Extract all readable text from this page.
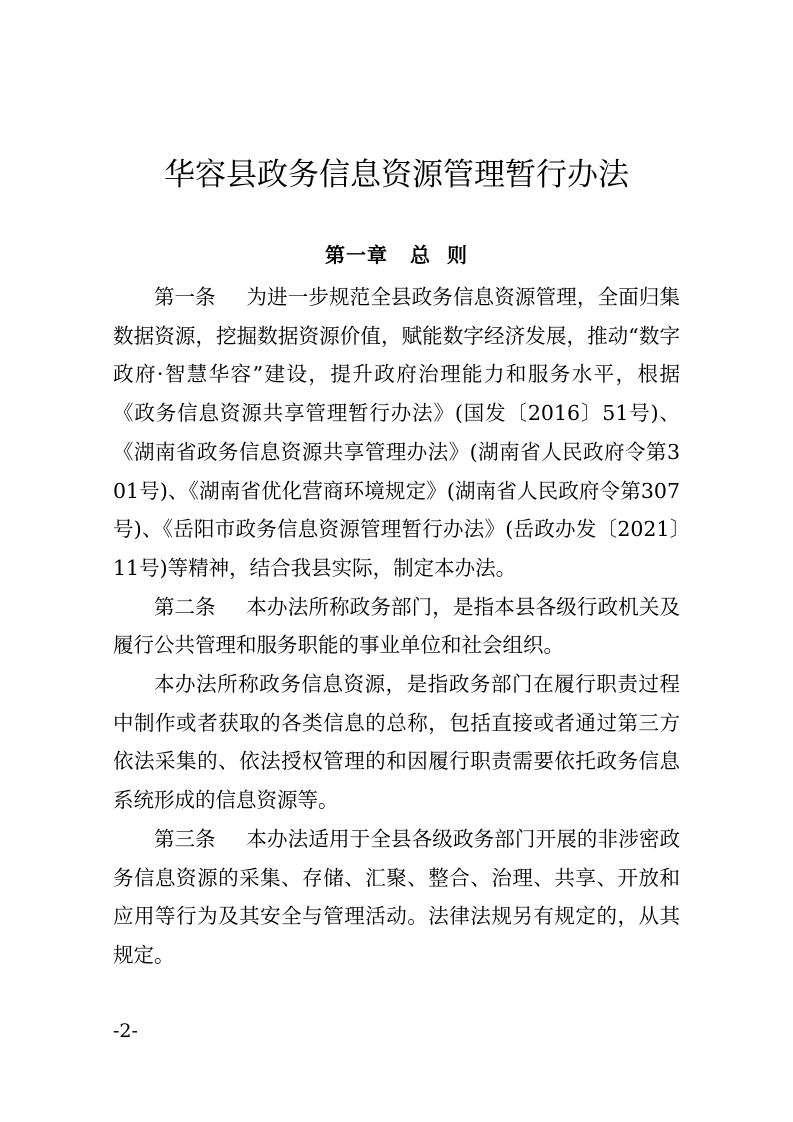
华容县政务信息资源管理暂行办法
第一章 总  则

第一条 为进一步规范全县政务信息资源管理，全面归集数据资源，挖掘数据资源价值，赋能数字经济发展，推动“数字政府·智慧华容”建设，提升政府治理能力和服务水平，根据《政务信息资源共享管理暂行办法》(国发〔2016〕51号)、《湖南省政务信息资源共享管理办法》(湖南省人民政府令第301号)、《湖南省优化营商环境规定》(湖南省人民政府令第307号)、《岳阳市政务信息资源管理暂行办法》(岳政办发〔2021〕11号)等精神，结合我县实际，制定本办法。

第二条 本办法所称政务部门，是指本县各级行政机关及履行公共管理和服务职能的事业单位和社会组织。

本办法所称政务信息资源，是指政务部门在履行职责过程中制作或者获取的各类信息的总称，包括直接或者通过第三方依法采集的、依法授权管理的和因履行职责需要依托政务信息系统形成的信息资源等。

第三条 本办法适用于全县各级政务部门开展的非涉密政务信息资源的采集、存储、汇聚、整合、治理、共享、开放和应用等行为及其安全与管理活动。法律法规另有规定的，从其规定。

-2-
